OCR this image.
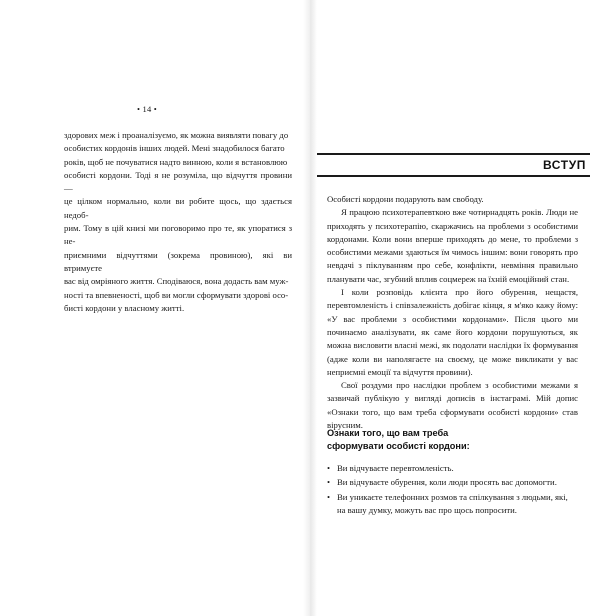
• 14 •

здорових меж і проаналізуємо, як можна виявляти повагу до

особистих кордонів інших людей. Мені знадобилося багато

років, щоб не почуватися надто винною, коли я встановлюю

особисті кордони. Тоді я не розуміла, що відчуття провини —

це цілком нормально, коли ви робите щось, що здається недоб-

рим. Тому в цій книзі ми поговоримо про те, як упоратися з не-

приємними відчуттями (зокрема провиною), які ви втримуєте

вас від омріяного життя. Сподіваюся, вона додасть вам муж-

ності та впевненості, щоб ви могли сформувати здорові осо-

бисті кордони у власному житті.

ВСТУП

Особисті кордони подарують вам свободу.

Я працюю психотерапевткою вже чотирнадцять років. Люди не приходять у психотерапію, скаржачись на проблеми з особистими кордонами. Коли вони вперше приходять до мене, то проблеми з особистими межами здаються їм чимось іншим: вони говорять про невдачі з піклуванням про себе, конфлікти, невміння правильно планувати час, згубний вплив соцмереж на їхній емоційний стан.

І коли розповідь клієнта про його обурення, нещастя, перевтомленість і співзалежність добігає кінця, я м'яко кажу йому: «У вас проблеми з особистими кордонами». Після цього ми починаємо аналізувати, як саме його кордони порушуються, як можна висловити власні межі, як подолати наслідки їх формування (адже коли ви наполягаєте на своєму, це може викликати у вас неприємні емоції та відчуття провини).

Свої роздуми про наслідки проблем з особистими межами я зазвичай публікую у вигляді дописів в інстаграмі. Мій допис «Ознаки того, що вам треба сформувати особисті кордони» став вірусним.

Ознаки того, що вам треба
сформувати особисті кордони:
• Ви відчуваєте перевтомленість.
• Ви відчуваєте обурення, коли люди просять вас допомогти.
• Ви уникаєте телефонних розмов та спілкування з людьми, які, на вашу думку, можуть вас про щось попросити.
